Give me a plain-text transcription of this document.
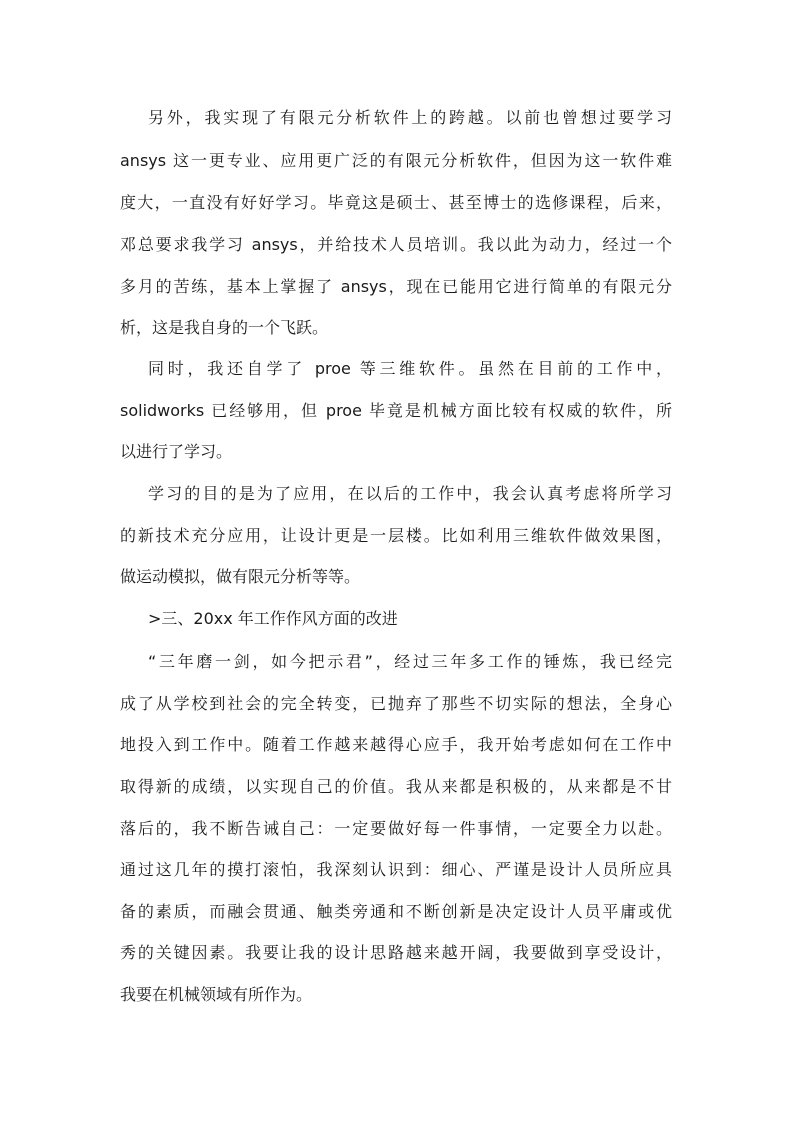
另外，我实现了有限元分析软件上的跨越。以前也曾想过要学习
ansys 这一更专业、应用更广泛的有限元分析软件，但因为这一软件难
度大，一直没有好好学习。毕竟这是硕士、甚至博士的选修课程，后来，
邓总要求我学习 ansys，并给技术人员培训。我以此为动力，经过一个
多月的苦练，基本上掌握了 ansys，现在已能用它进行简单的有限元分
析，这是我自身的一个飞跃。
同时，我还自学了 proe 等三维软件。虽然在目前的工作中，
solidworks 已经够用，但 proe 毕竟是机械方面比较有权威的软件，所
以进行了学习。
学习的目的是为了应用，在以后的工作中，我会认真考虑将所学习
的新技术充分应用，让设计更是一层楼。比如利用三维软件做效果图，
做运动模拟，做有限元分析等等。
>三、20xx 年工作作风方面的改进
“三年磨一剑，如今把示君”，经过三年多工作的锤炼，我已经完
成了从学校到社会的完全转变，已抛弃了那些不切实际的想法，全身心
地投入到工作中。随着工作越来越得心应手，我开始考虑如何在工作中
取得新的成绩，以实现自己的价值。我从来都是积极的，从来都是不甘
落后的，我不断告诫自己：一定要做好每一件事情，一定要全力以赴。
通过这几年的摸打滚怕，我深刻认识到：细心、严谨是设计人员所应具
备的素质，而融会贯通、触类旁通和不断创新是决定设计人员平庸或优
秀的关键因素。我要让我的设计思路越来越开阔，我要做到享受设计，
我要在机械领域有所作为。
